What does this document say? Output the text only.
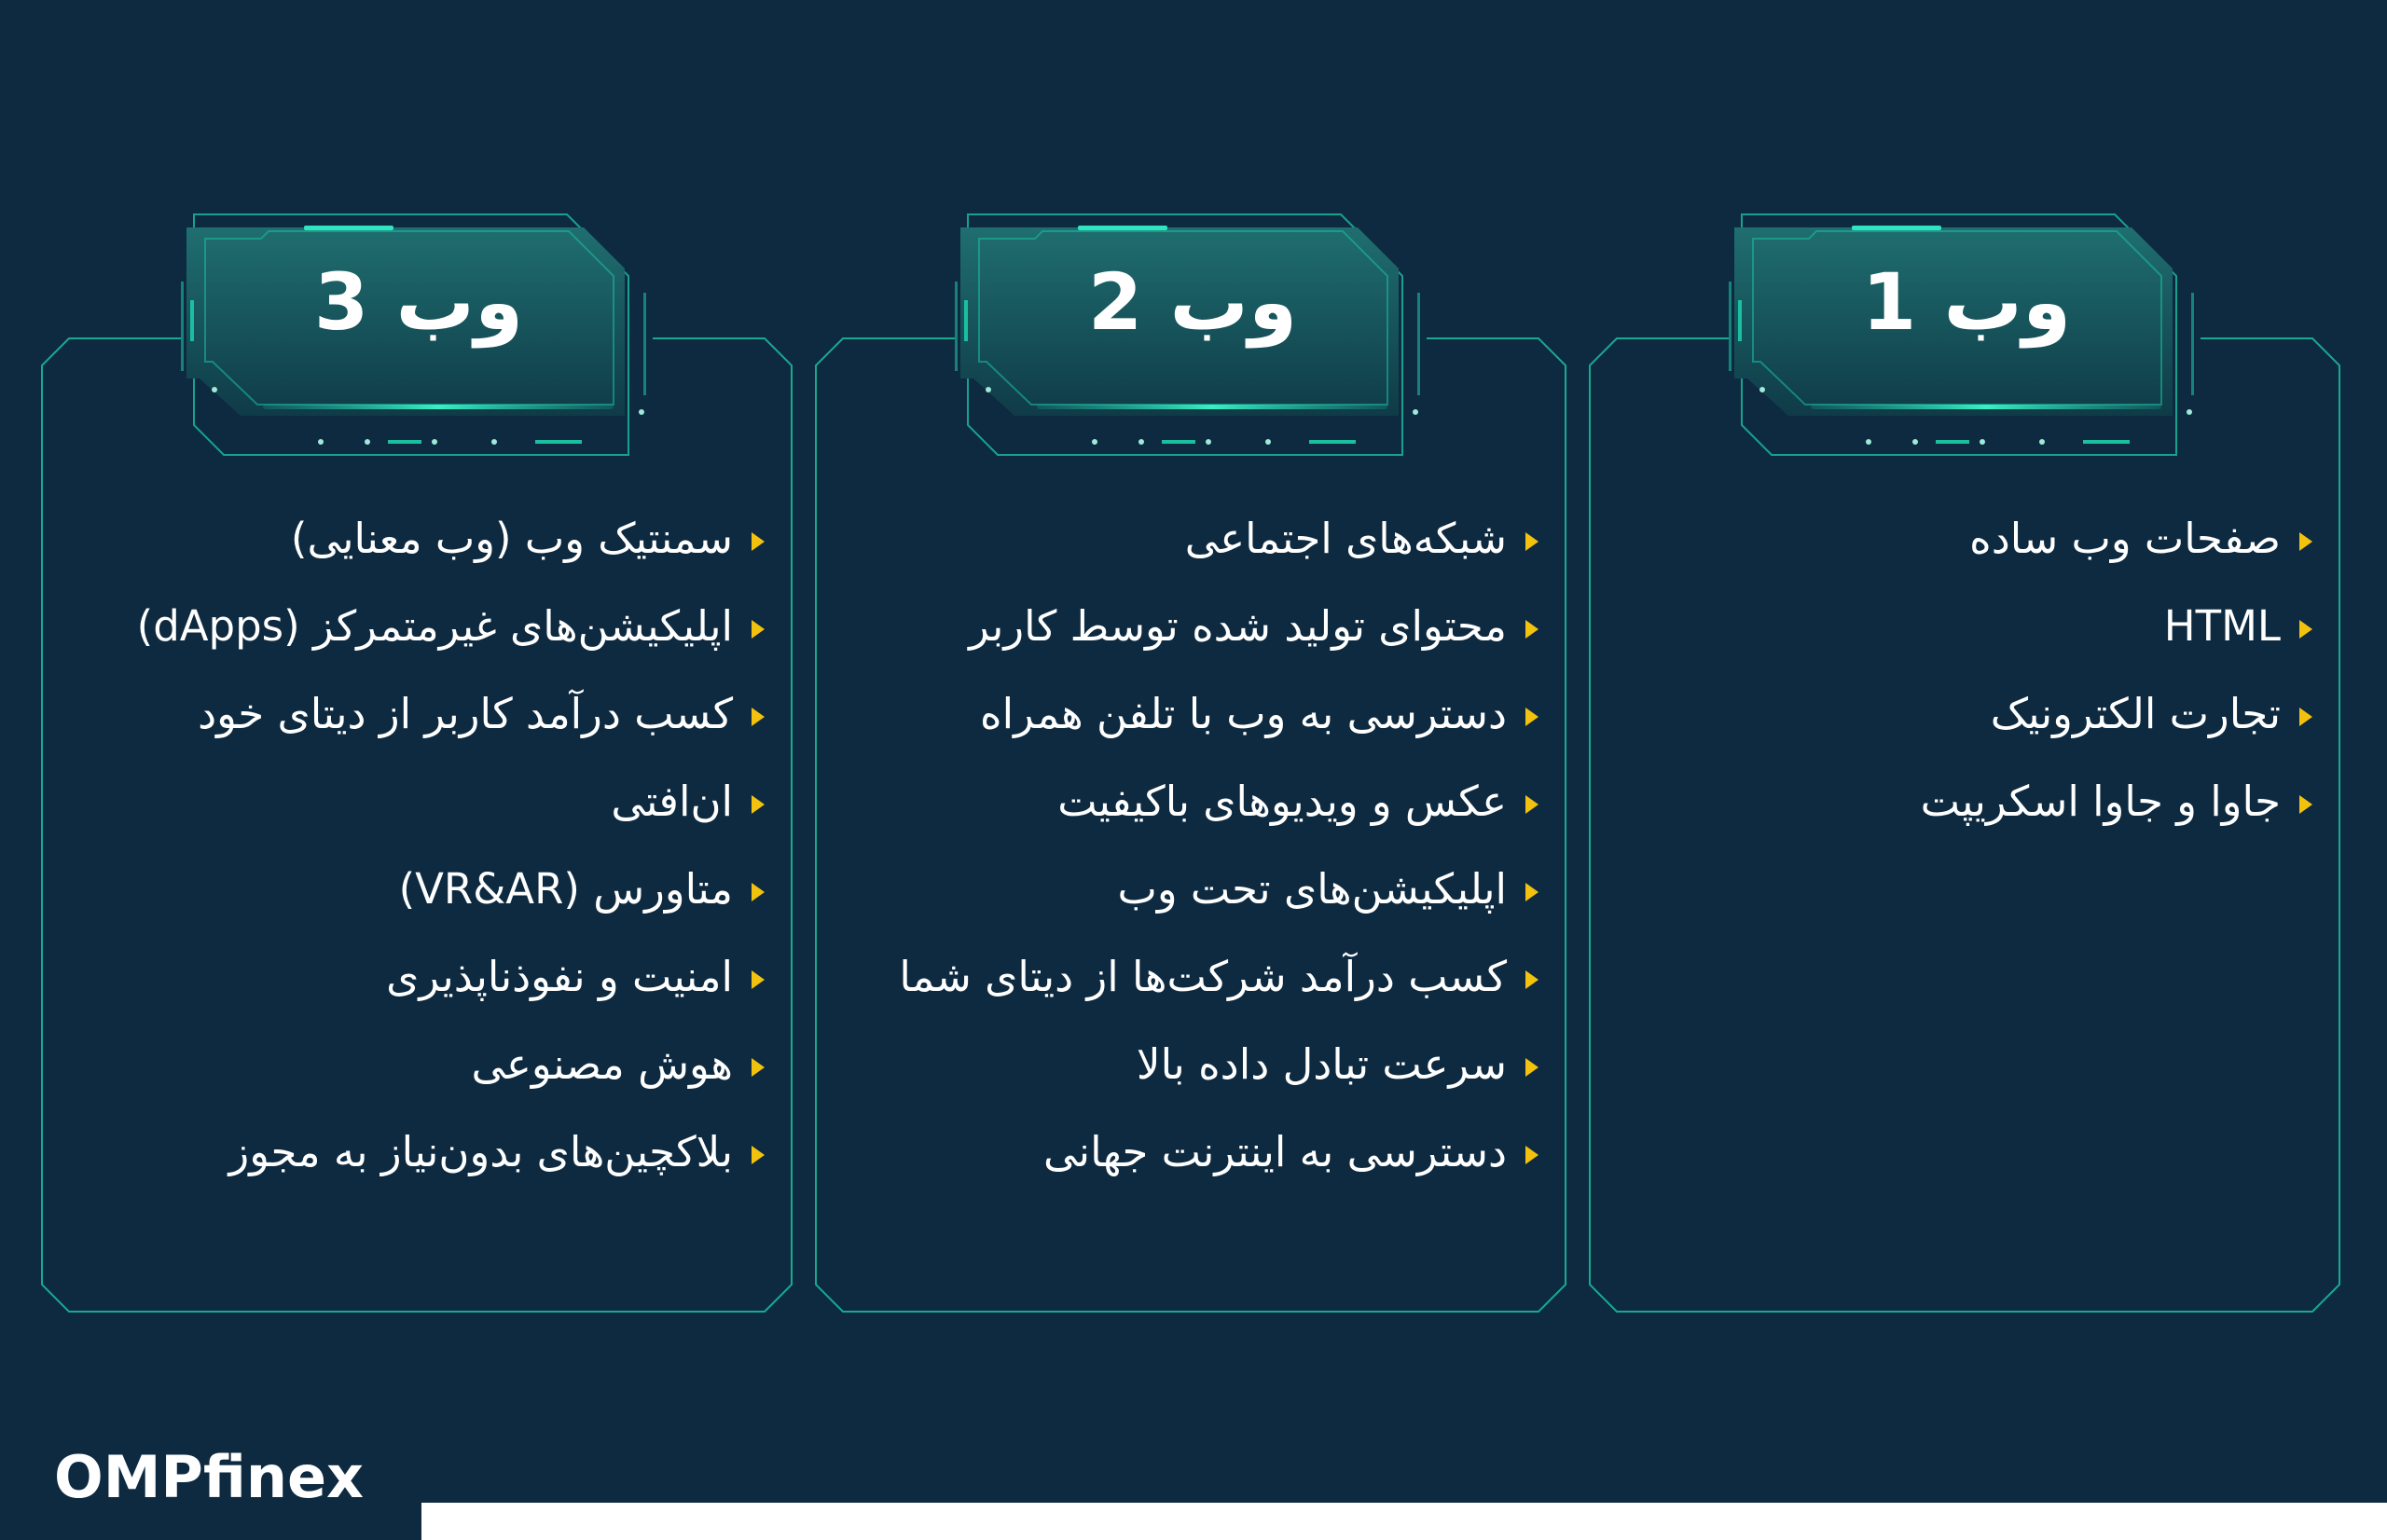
وب 3
سمنتیک وب (وب معنایی)
اپلیکیشن‌های غیرمتمرکز (dApps)
کسب درآمد کاربر از دیتای خود
ان‌افتی
متاورس (VR&AR)
امنیت و نفوذناپذیری
هوش مصنوعی
بلاکچین‌های بدون‌نیاز به مجوز
وب 2
شبکه‌های اجتماعی
محتوای تولید شده توسط کاربر
دسترسی به وب با تلفن همراه
عکس و ویدیوهای باکیفیت
اپلیکیشن‌های تحت وب
کسب درآمد شرکت‌ها از دیتای شما
سرعت تبادل داده بالا
دسترسی به اینترنت جهانی
وب 1
صفحات وب ساده
HTML
تجارت الکترونیک
جاوا و جاوا اسکریپت
OMPfnex
